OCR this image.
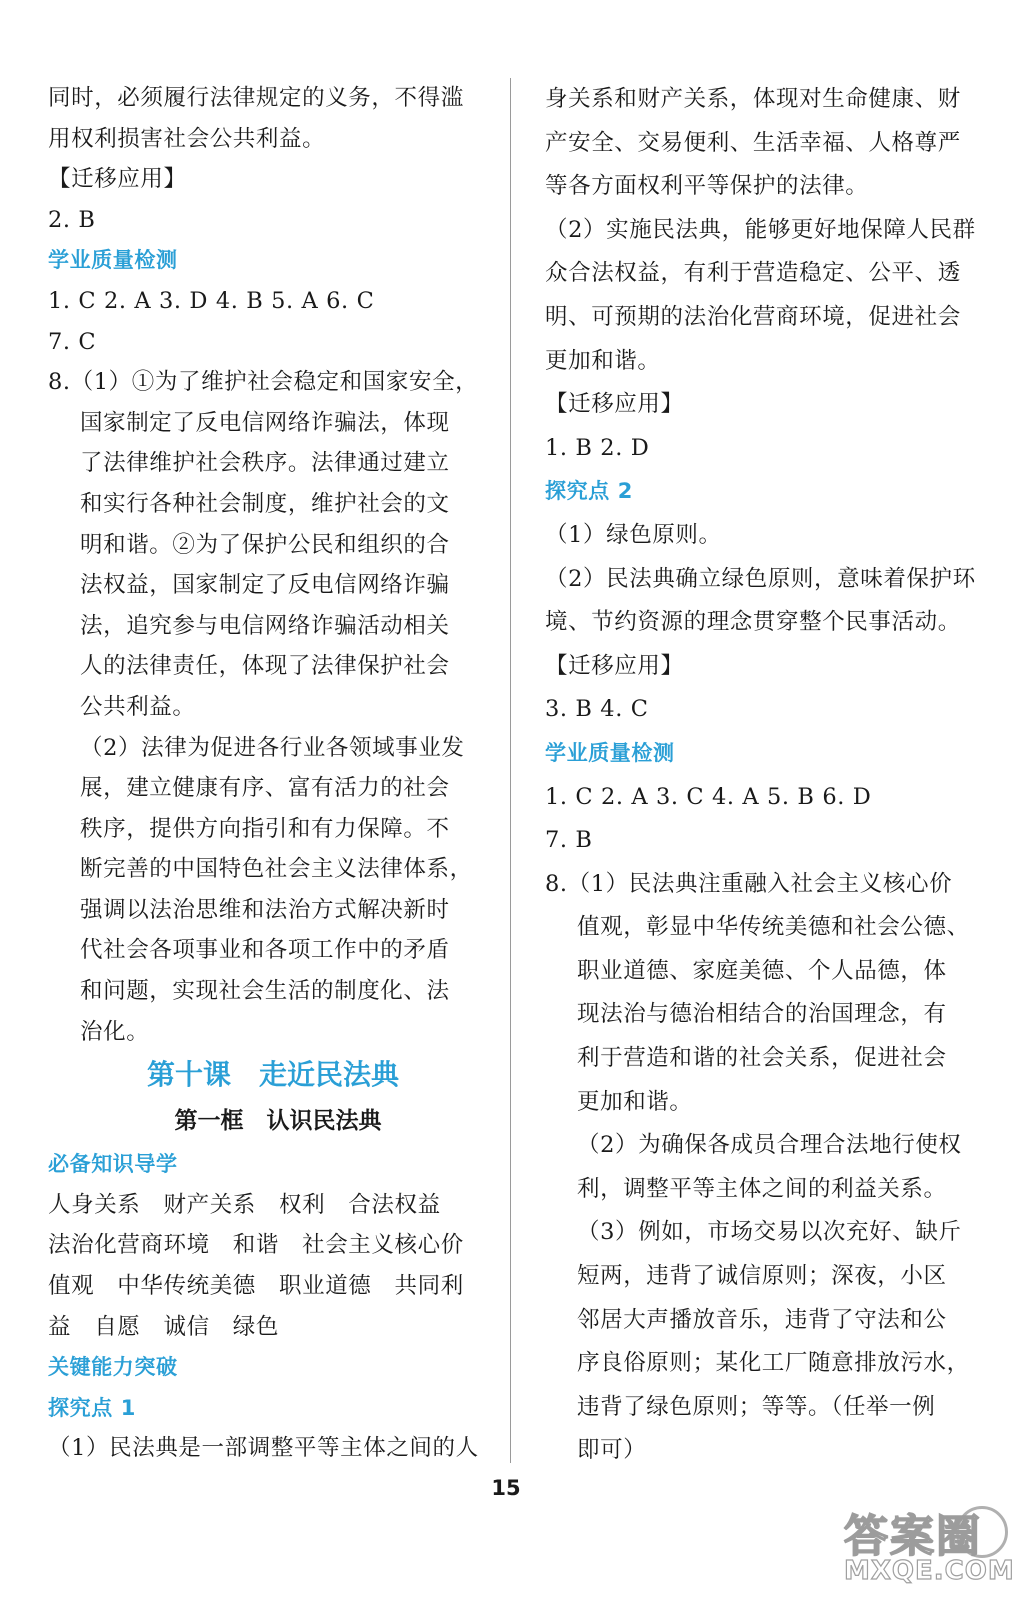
同时，必须履行法律规定的义务，不得滥
用权利损害社会公共利益。
【迁移应用】
2. B
学业质量检测
1. C 2. A 3. D 4. B 5. A 6. C
7. C
8.（1）①为了维护社会稳定和国家安全，
国家制定了反电信网络诈骗法，体现
了法律维护社会秩序。法律通过建立
和实行各种社会制度，维护社会的文
明和谐。②为了保护公民和组织的合
法权益，国家制定了反电信网络诈骗
法，追究参与电信网络诈骗活动相关
人的法律责任，体现了法律保护社会
公共利益。
（2）法律为促进各行业各领域事业发
展，建立健康有序、富有活力的社会
秩序，提供方向指引和有力保障。不
断完善的中国特色社会主义法律体系，
强调以法治思维和法治方式解决新时
代社会各项事业和各项工作中的矛盾
和问题，实现社会生活的制度化、法
治化。
第十课　走近民法典
第一框　认识民法典
必备知识导学
人身关系　财产关系　权利　合法权益
法治化营商环境　和谐　社会主义核心价
值观　中华传统美德　职业道德　共同利
益　自愿　诚信　绿色
关键能力突破
探究点 1
（1）民法典是一部调整平等主体之间的人
身关系和财产关系，体现对生命健康、财
产安全、交易便利、生活幸福、人格尊严
等各方面权利平等保护的法律。
（2）实施民法典，能够更好地保障人民群
众合法权益，有利于营造稳定、公平、透
明、可预期的法治化营商环境，促进社会
更加和谐。
【迁移应用】
1. B 2. D
探究点 2
（1）绿色原则。
（2）民法典确立绿色原则，意味着保护环
境、节约资源的理念贯穿整个民事活动。
【迁移应用】
3. B 4. C
学业质量检测
1. C 2. A 3. C 4. A 5. B 6. D
7. B
8.（1）民法典注重融入社会主义核心价
值观，彰显中华传统美德和社会公德、
职业道德、家庭美德、个人品德，体
现法治与德治相结合的治国理念，有
利于营造和谐的社会关系，促进社会
更加和谐。
（2）为确保各成员合理合法地行使权
利，调整平等主体之间的利益关系。
（3）例如，市场交易以次充好、缺斤
短两，违背了诚信原则；深夜，小区
邻居大声播放音乐，违背了守法和公
序良俗原则；某化工厂随意排放污水，
违背了绿色原则；等等。（任举一例
即可）
15
答案圈
MXQE.COM
